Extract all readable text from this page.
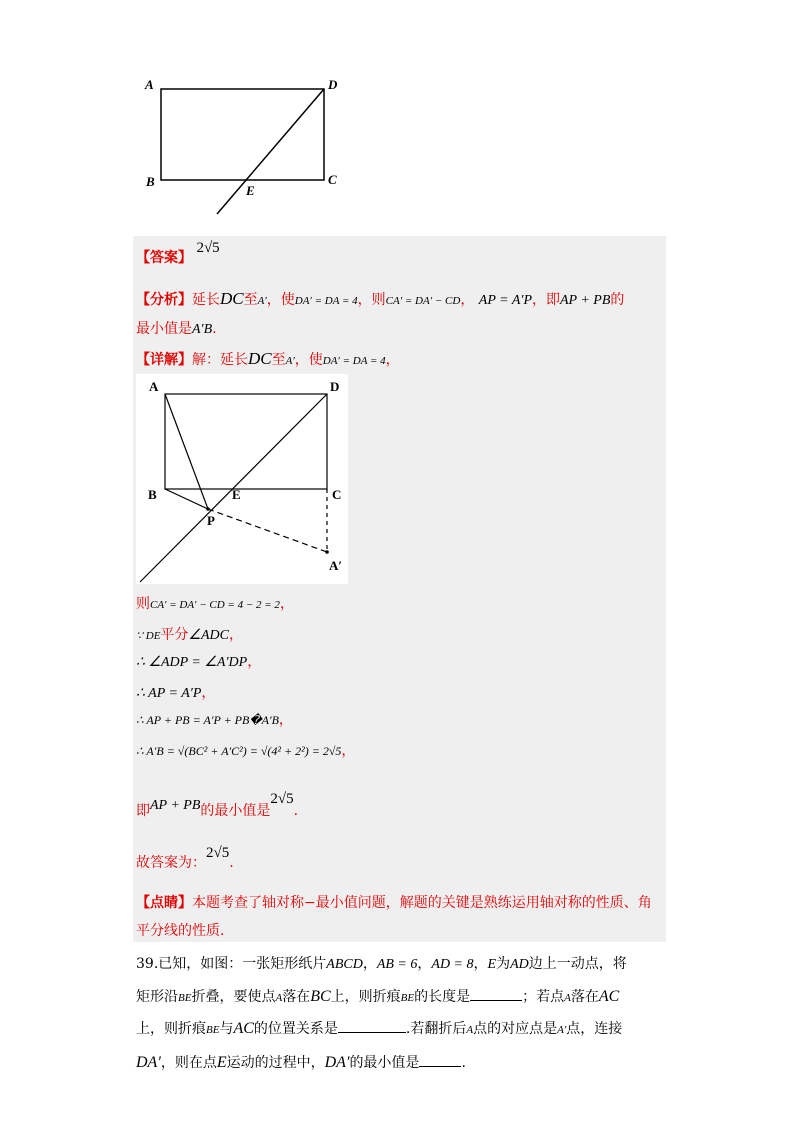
A	D
B	C
E
【答案】 2√5
【分析】延长DC至A′，使DA′ = DA = 4，则CA′ = DA′ − CD， AP = A′P，即AP + PB的
最小值是A′B.
【详解】解：延长DC至A′，使DA′ = DA = 4，
A	D
B	E	C
P
A′
则CA′ = DA′ − CD = 4 − 2 = 2，
∵ DE平分∠ADC，
∴ ∠ADP = ∠A′DP，
∴ AP = A′P，
∴ AP + PB = A′P + PB�A′B，
∴ A′B = √(BC² + A′C²) = √(4² + 2²) = 2√5，
即AP + PB的最小值是2√5.
故答案为：2√5.
【点睛】本题考查了轴对称−最小值问题，解题的关键是熟练运用轴对称的性质、角
平分线的性质.
39.已知，如图：一张矩形纸片ABCD，AB = 6，AD = 8，E为AD边上一动点，将
矩形沿BE折叠，要使点A落在BC上，则折痕BE的长度是	；若点A落在AC
上，则折痕BE与AC的位置关系是	.若翻折后A点的对应点是A′点，连接
DA′，则在点E运动的过程中，DA′的最小值是	.
